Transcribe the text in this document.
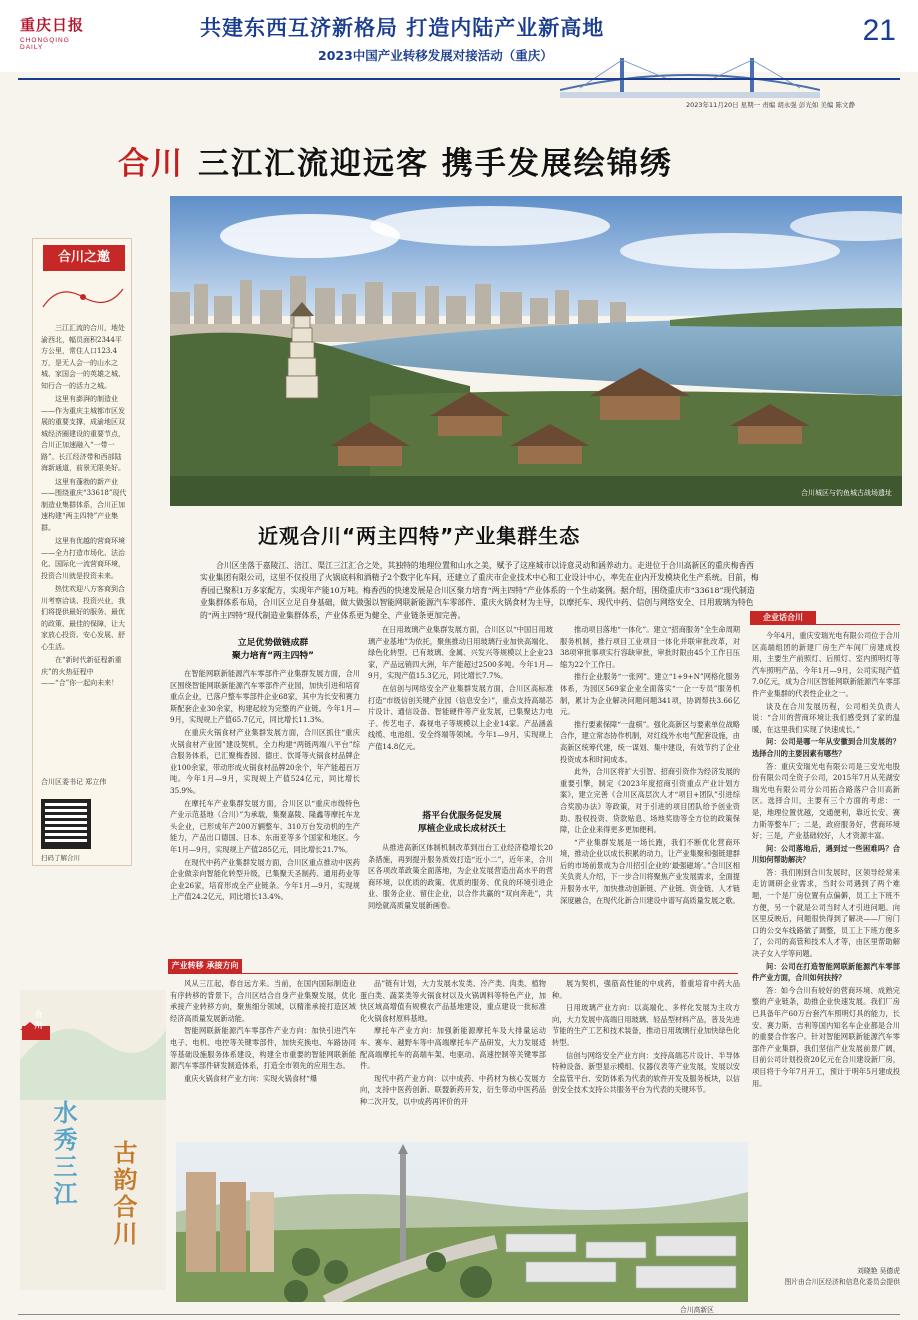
重庆日报
CHONGQING DAILY
共建东西互济新格局 打造内陆产业新高地
2023中国产业转移发展对接活动（重庆）
21
2023年11月20日 星期一 责编 胡永强 彭光如 美编 陈文静
合川 三江汇流迎远客 携手发展绘锦绣
合川之邀

三江汇流的合川，地处渝西北，幅员面积2344平方公里，常住人口123.4万，是无人会一的山水之城、家国会一的英雄之城、知行合一的活力之城。

这里有澎湃的制造业——作为重庆主城都市区发展的重要支撑，成渝地区双城经济圈建设的重要节点，合川正加速融入“一带一路”、长江经济带和西部陆海新通道，前景无限美好。

这里有蓬勃的新产业——围绕重庆“33618”现代制造业集群体系，合川正加速构建“两主四特”产业集群。

这里有优越的营商环境——全力打造市场化、法治化、国际化一流营商环境，投资合川就是投资未来。

热忱欢迎八方客商到合川考察洽谈、投资兴业，我们将提供最好的服务、最优的政策、最佳的保障，让大家放心投资、安心发展、舒心生活。

在“新时代新征程新重庆”的火热征程中——“合”你一起向未来！

合川区委书记 郑立伟
扫码了解合川
合川城区与钓鱼城古战场遗址
近观合川“两主四特”产业集群生态
合川区坐落于嘉陵江、涪江、渠江三江汇合之处，其独特的地理位置和山水之美，赋予了这座城市以诗意灵动和涵养动力。走进位于合川高新区的重庆梅香西实业集团有限公司，这里不仅投用了火锅底料和酒精子2个数字化车间，还建立了重庆市企业技术中心和工业设计中心，率先在业内开发模块化生产系统。目前，梅香园已聚积1万多家配方，实现年产能10万吨。梅香西的快速发展是合川区聚力培育“两主四特”产业体系的一个生动案例。据介绍，围绕重庆市“33618”现代制造业集群体系布局，合川区立足自身基础，做大做强以智能网联新能源汽车零部件、重庆火锅食材为主导，以摩托车、现代中药、信创与网络安全、日用玻璃为特色的“两主四特”现代制造业集群体系，产业体系更为健全、产业链条更加完善。
立足优势做链成群
聚力培育“两主四特”

在智能网联新能源汽车零部件产业集群发展方面，合川区围绕智能网联新能源汽车零部件产业园，加快引进和培育重点企业，已落户整车零部件企业68家，其中为长安和赛力斯配套企业30余家，构建起较为完整的产业链。今年1月—9月，实现规上产值65.7亿元，同比增长11.3%。

在重庆火锅食材产业集群发展方面，合川区抓住“重庆火锅食材产业园”建设契机，全力构建“两链两端八平台”综合服务体系，已汇聚梅香园、德庄、饮哥等火锅食材品牌企业100余家，带动形成火锅食材品牌20余个，年产能超百万吨。今年1月—9月，实现规上产值524亿元，同比增长35.9%。

在摩托车产业集群发展方面，合川区以“重庆市级特色产业示范基地（合川）”为承载，集聚嘉陵、隆鑫等摩托车龙头企业，已形成年产200万辆整车、310万台发动机的生产能力，产品出口德国、日本、东南亚等多个国家和地区。今年1月—9月，实现规上产值285亿元，同比增长21.7%。

在现代中药产业集群发展方面，合川区重点推动中医药企业做亲向智能化转型升级，已集聚天圣制药、通用药业等企业26家，培育形成全产业链条。今年1月—9月，实现规上产值24.2亿元，同比增长13.4%。

在日用玻璃产业集群发展方面，合川区以“中国日用玻璃产业基地”为依托，聚焦推动日用玻璃行业加快高端化、绿色化转型。已有玻璃、金属、兴发兴等规模以上企业23家，产品远销四大洲，年产能超过2500多吨。今年1月—9月，实现产值15.3亿元，同比增长7.7%。

在信创与网络安全产业集群发展方面，合川区高标准打造“市级信创关键产业园（信息安全）”，重点支持高端芯片设计、通信设备、智能硬件等产业发展，已集聚达力电子、传艺电子、森视电子等规模以上企业14家。产品涵盖线缆、电池组、安全终端等领域。今年1—9月，实现规上产值14.8亿元。

搭平台优服务促发展
厚植企业成长成材沃土

从推进高新区体制机制改革到出台工业经济稳增长20条措施，再到提升服务质效打造“近小二”，近年来，合川区各项改革政策全面落地，为企业发展营造出高水平的营商环境，以优质的政策、优质的服务、优良的环境引进企业、服务企业、留住企业，以合作共赢的“双向奔赴”，共同绘就高质量发展新画卷。

推动项目落地“一体化”。建立“招商服务”全生命周期服务机制，推行项目工业项目一体化并联审批改革，对38项审批事项实行容缺审批，审批时限由45个工作日压缩为22个工作日。

推行企业服务“一张网”。建立“1+9+N”网格化服务体系，为园区569家企业全面落实“一企一专员”服务机制，累计为企业解决问题问题341项，协调帮扶3.66亿元。

推行要素保障“一盘棋”。强化高新区与要素单位战略合作，建立常态协作机制，对红线外水电气配套设施，由高新区统筹代建，统一谋划、集中建设，有效节约了企业投资成本和时间成本。

此外，合川区将扩大引智、招商引资作为经济发展的重要引擎，制定《2023年度招商引资重点产业计划方案》，建立完善《合川区高层次人才“项目+团队”引进综合奖励办法》等政策，对于引进的项目团队给予创业资助、股权投资、贷款贴息、场地奖励等全方位的政策保障，让企业来得更多更加便利。

“产业集群发展是一场长跑，我们不断优化营商环境，推动企业以成长积累的动力，让产业集聚和强链建群后的市场前景成为合川招引企业的‘最强磁场’。”合川区相关负责人介绍，下一步合川将聚焦产业发展需求，全面提升服务水平，加快推动创新链、产业链、资金链、人才链深度融合，在现代化新合川建设中谱写高质量发展之歌。

企业话合川

今年4月，重庆安瑞光电有限公司位于合川区高端组团的新建厂房生产车间厂房建成投用，主要生产前照灯、后照灯、室内照明灯等汽车照明产品，今年1月—9月，公司实现产值7.0亿元，成为合川区智能网联新能源汽车零部件产业集群的代表性企业之一。

谈及在合川发展历程，公司相关负责人说：“合川的营商环境让我们感受到了家的温暖，在这里我们实现了快速成长。”

问：公司是哪一年从安徽到合川发展的？选择合川的主要因素有哪些？

答：重庆安瑞光电有限公司是三安光电股份有限公司全资子公司，2015年7月从芜湖安瑞光电有限公司分公司拓合路落户合川高新区。选择合川，主要有三个方面的考虑：一是，地理位置优越，交通便利，靠近长安、赛力斯等整车厂；二是，政府服务好，营商环境好；三是，产业基础较好，人才资源丰富。

问：公司落地后，遇到过一些困难吗？合川如何帮助解决？

答：我们刚到合川发展时，区领导经常来走访调研企业需求，当时公司遇到了两个难题，一个是厂房位置有点偏僻，员工上下班不方便，另一个就是公司当时人才引进问题。向区里反映后，问题很快得到了解决——厂房门口的公交车线路做了调整，员工上下班方便多了，公司的高管和技术人才等，由区里帮助解决子女入学等问题。

问：公司在打造智能网联新能源汽车零部件产业方面，合川如何扶持？

答：如今合川有较好的营商环境、成熟完整的产业链条，助推企业快速发展。我们厂房已具备年产60万台套汽车照明灯具的能力，长安、赛力斯、吉利等国内知名车企业都是合川的重要合作客户。针对智能网联新能源汽车零部件产业集群，我们坚信产业发展前景广阔，目前公司计划投资20亿元在合川建设新厂房，项目将于今年7月开工，预计于明年5月建成投用。

刘晓艳 吴德虎
图片由合川区经济和信息化委员会提供
产业转移 承接方向
合川
水秀三江 古韵合川

风从三江起，春自远方来。当前，在国内国际制造业有序转移的背景下，合川区结合自身产业集聚发展，优化承接产业转移方向，聚焦细分领域，以精准承接打造区域经济高质量发展新动能。

智能网联新能源汽车零部件产业方向：加快引进汽车电子、电机、电控等关键零部件，加快充换电、车路协同等基础设施服务体系建设，构建全市重要的智能网联新能源汽车零部件研发制造体系，打造全市领先的应用生态。

重庆火锅食材产业方向：实现火锅食材“爆

品”链有计划，大力发展水发类、冷产类、肉类、植物蛋白类、蔬菜类等火锅食材以及火锅调料等特色产业，加快区域高增值有规模农产品基地建设，重点建设一批标准化火锅食材原料基地。

摩托车产业方向：加强新能源摩托车及大排量运动车、赛车、越野车等中高端摩托车产品研发，大力发展适配高端摩托车的高端车架、电驱动、高速控制等关键零部件。

现代中药产业方向：以中成药、中药材为核心发展方向，支持中医药创新、联盟新药开发，衍生带动中医药品种二次开发，以中成药再评价的开

展为契机，强筋高性能的中成药，着重培育中药大品种。

日用玻璃产业方向：以高端化、多样化发展为主攻方向，大力发展中高端日用玻璃、轻品型材料产品，普及先进节能的生产工艺和技术装备，推动日用玻璃行业加快绿色化转型。

信创与网络安全产业方向：支持高端芯片设计、半导体特种设备、新型显示模组、仪器仪表等产业发展，发展以安全监管平台、安防体系为代表的软件开发及服务板块，以信创安全技术支持公共服务平台为代表的关键环节。

合川高新区
